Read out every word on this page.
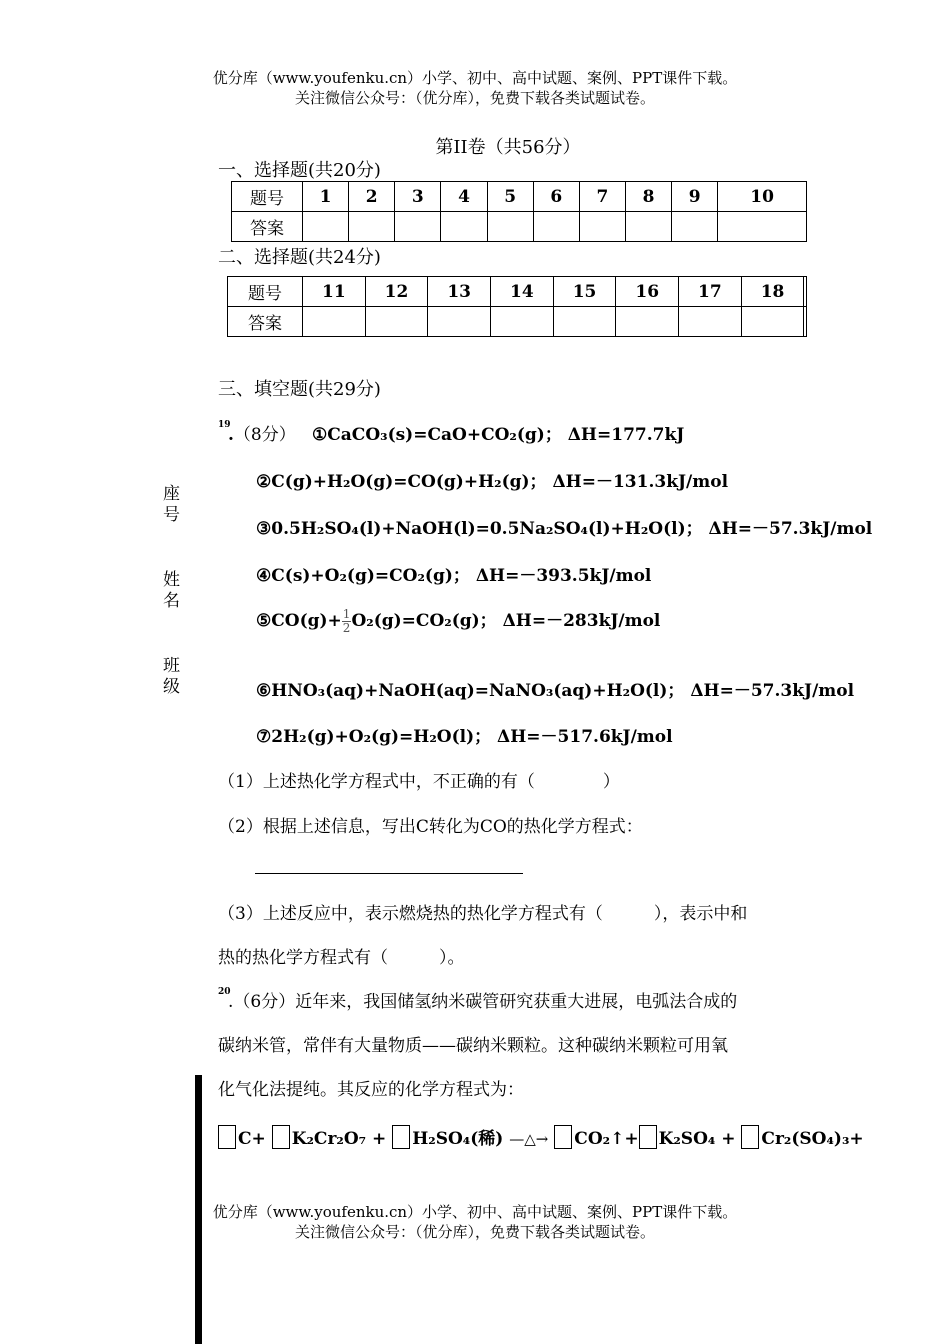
优分库（www.youfenku.cn）小学、初中、高中试题、案例、PPT课件下载。
关注微信公众号：（优分库），免费下载各类试题试卷。
第II卷（共56分）
一、选择题(共20分)
题号	1	2	3	4	5	6	7	8	9	10
答案										
二、选择题(共24分)
题号	11	12	13	14	15	16	17	18	
答案									
三、填空题(共29分)
19
.（8分） ①CaCO₃(s)=CaO+CO₂(g)； ΔH=177.7kJ
②C(g)+H₂O(g)=CO(g)+H₂(g)； ΔH=－131.3kJ/mol
③0.5H₂SO₄(l)+NaOH(l)=0.5Na₂SO₄(l)+H₂O(l)； ΔH=－57.3kJ/mol
④C(s)+O₂(g)=CO₂(g)； ΔH=－393.5kJ/mol
⑤CO(g)+ $\frac{1}{2} O_2(g)=CO_2(g)$； ΔH=－283kJ/mol
⑥HNO₃(aq)+NaOH(aq)=NaNO₃(aq)+H₂O(l)； ΔH=－57.3kJ/mol
⑦2H₂(g)+O₂(g)=H₂O(l)； ΔH=－517.6kJ/mol
（1）上述热化学方程式中，不正确的有（　　　　）
（2）根据上述信息，写出C转化为CO的热化学方程式：
（3）上述反应中，表示燃烧热的热化学方程式有（　　　），表示中和
热的热化学方程式有（　　　）。
20
.（6分）近年来，我国储氢纳米碳管研究获重大进展，电弧法合成的
碳纳米管，常伴有大量物质——碳纳米颗粒。这种碳纳米颗粒可用氧
化气化法提纯。其反应的化学方程式为：
C+ K₂Cr₂O₇ + H₂SO₄(稀) —△→ CO₂↑+ K₂SO₄ + Cr₂(SO₄)₃+
优分库（www.youfenku.cn）小学、初中、高中试题、案例、PPT课件下载。
关注微信公众号：（优分库），免费下载各类试题试卷。
座号
姓名
班级
